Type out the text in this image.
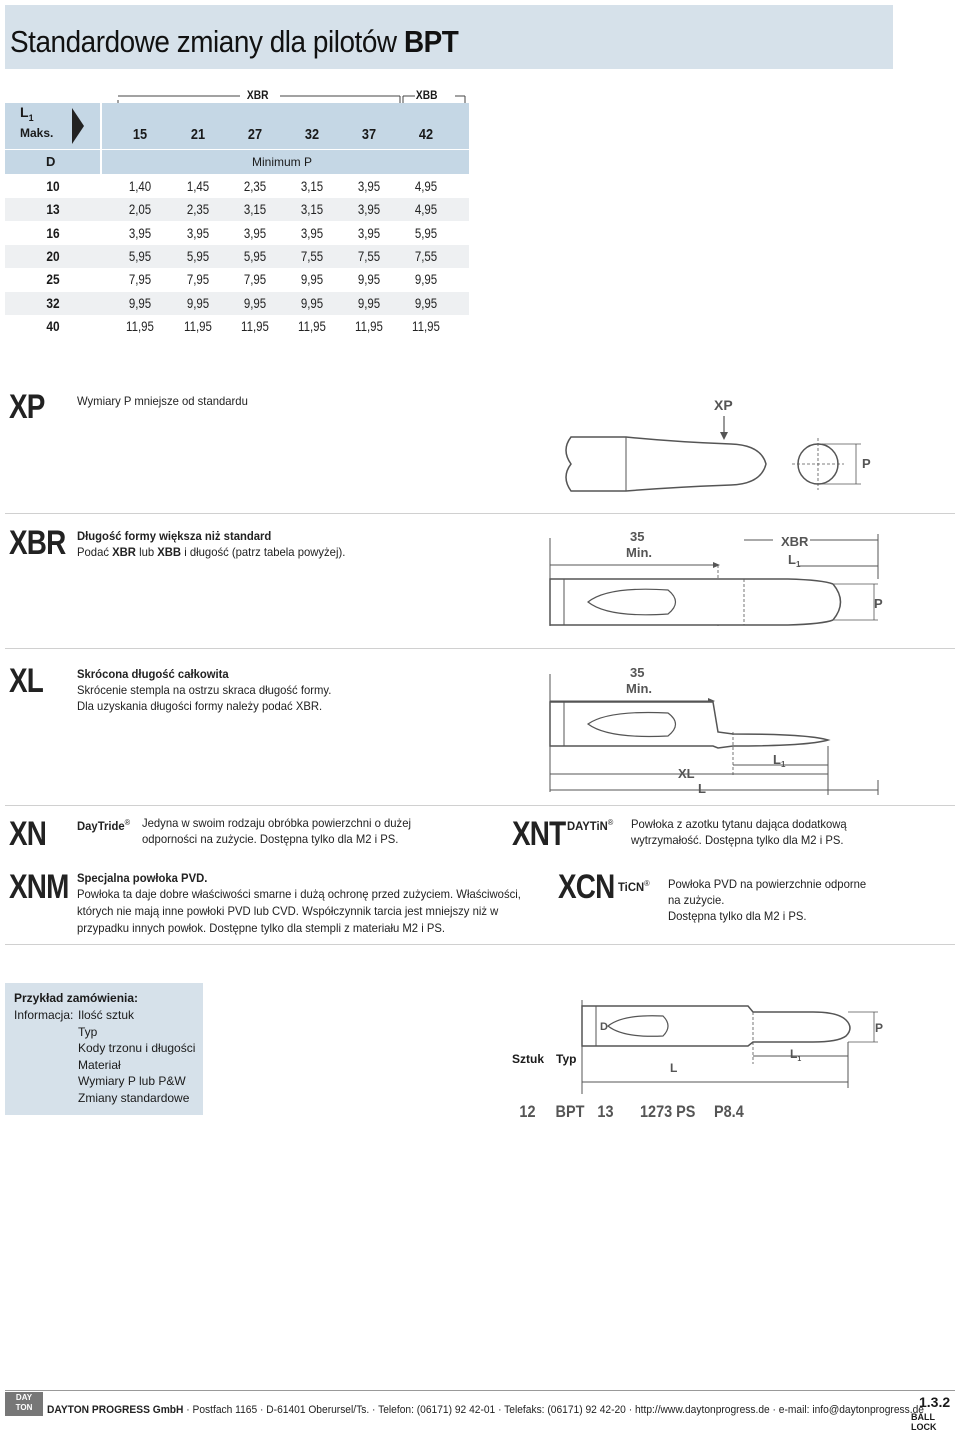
Standardowe zmiany dla pilotów BPT
XBR	XBB
$L_1$
Maks.
D	Minimum P
15	21	27	32	37	42
10	1,40	1,45	2,35	3,15	3,95	4,95
13	2,05	2,35	3,15	3,15	3,95	4,95
16	3,95	3,95	3,95	3,95	3,95	5,95
20	5,95	5,95	5,95	7,55	7,55	7,55
25	7,95	7,95	7,95	9,95	9,95	9,95
32	9,95	9,95	9,95	9,95	9,95	9,95
40	11,95	11,95	11,95	11,95	11,95	11,95
XP	Wymiary P mniejsze od standardu	XP
P
XBR Długość formy większa niż standard
Podać XBR lub XBB i długość (patrz tabela powyżej).
35
Min.
XBR
$L_1$
P
XL	Skrócona długość całkowita
Skrócenie stempla na ostrzu skraca długość formy.
Dla uzyskania długości formy należy podać XBR.
35
Min.
$L_1$
XL
L
XN	DayTride® Jedyna w swoim rodzaju obróbka powierzchni o dużej
odporności na zużycie. Dostępna tylko dla M2 i PS.	XNT DAYTiN® Powłoka z azotku tytanu dająca dodatkową
wytrzymałość. Dostępna tylko dla M2 i PS.
XNM Specjalna powłoka PVD.
Powłoka ta daje dobre właściwości smarne i dużą ochronę przed zużyciem. Właściwości,
których nie mają inne powłoki PVD lub CVD. Współczynnik tarcia jest mniejszy niż w
przypadku innych powłok. Dostępne tylko dla stempli z materiału M2 i PS.
XCN TiCN® Powłoka PVD na powierzchnie odporne
na zużycie.
Dostępna tylko dla M2 i PS.
Przykład zamówienia:
Informacja: Ilość sztuk
Typ
Kody trzonu i długości
Materiał
Wymiary P lub P&W
Zmiany standardowe
Sztuk Typ
D	P
$L_1$
L
12 BPT 13 1273 PS P8.4
DAY
TON	DAYTON PROGRESS GmbH · Postfach 1165 · D-61401 Oberursel/Ts. · Telefon: (06171) 92 42-01 · Telefaks: (06171) 92 42-20 · http://www.daytonprogress.de · e-mail: info@daytonprogress.de
1.3.2
BALL LOCK
